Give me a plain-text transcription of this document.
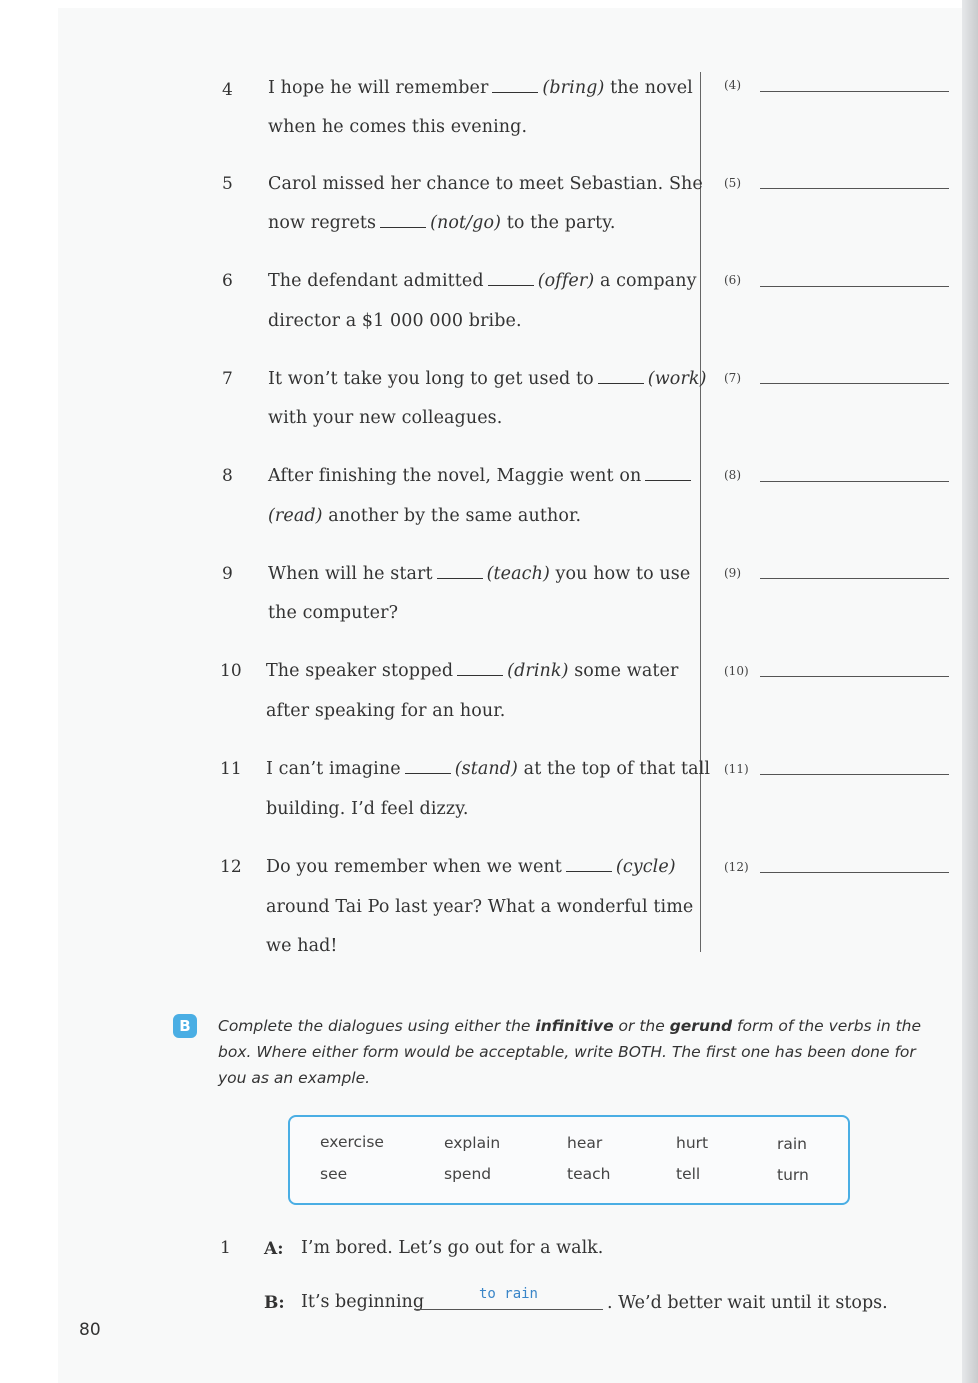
4	I hope he will remember	(bring) the novel
when he comes this evening.
(4)
5	Carol missed her chance to meet Sebastian. She
now regrets	(not/go) to the party.
(5)
6	The defendant admitted	(offer) a company
director a $1 000 000 bribe.
(6)
7	It won’t take you long to get used to	(work)
with your new colleagues.
(7)
8	After finishing the novel, Maggie went on
(read) another by the same author.
(8)
9	When will he start	(teach) you how to use
the computer?
(9)
10	The speaker stopped	(drink) some water
after speaking for an hour.
(10)
11	I can’t imagine	(stand) at the top of that tall
building. I’d feel dizzy.
(11)
12	Do you remember when we went	(cycle)
around Tai Po last year? What a wonderful time
we had!
(12)
B	Complete the dialogues using either the infinitive or the gerund form of the verbs in the box. Where either form would be acceptable, write BOTH. The first one has been done for you as an example.
exercise	explain	hear	hurt	rain
see	spend	teach	tell	turn
1 A: I’m bored. Let’s go out for a walk.
B: It’s beginning	to rain	. We’d better wait until it stops.
80
